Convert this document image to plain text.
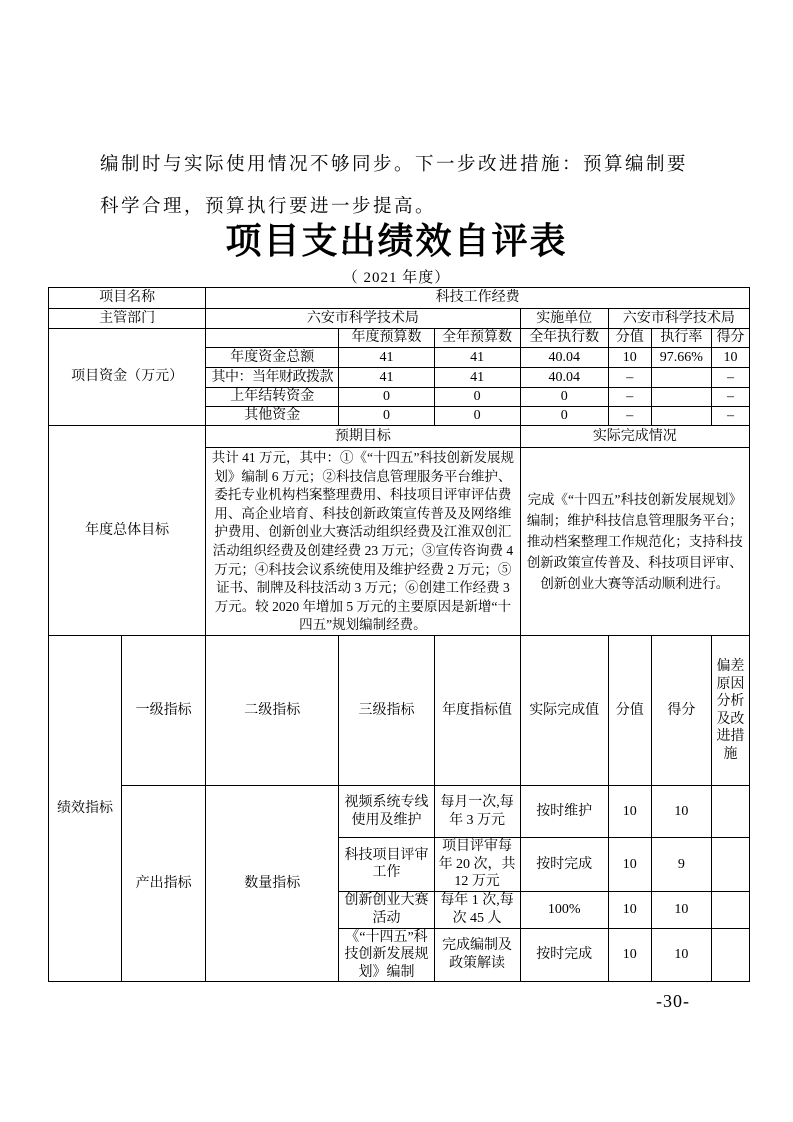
编制时与实际使用情况不够同步。下一步改进措施：预算编制要
科学合理，预算执行要进一步提高。
项目支出绩效自评表
（ 2021 年度）
项目名称		科技工作经费						
主管部门		六安市科学技术局			实施单位	六安市科学技术局		
项目资金（万元）			年度预算数	全年预算数	全年执行数	分值	执行率	得分
		年度资金总额	41	41	40.04	10	97.66%	10
		其中：当年财政拨款	41	41	40.04	–		–
		上年结转资金	0	0	0	–		–
		其他资金	0	0	0	–		–
年度总体目标		预期目标			实际完成情况			

		共计 41 万元，其中：①《“十四五”科技创新发展规划》编制 6 万元；②科技信息管理服务平台维护、委托专业机构档案整理费用、科技项目评审评估费用、高企业培育、科技创新政策宣传普及及网络维护费用、创新创业大赛活动组织经费及江淮双创汇活动组织经费及创建经费 23 万元；③宣传咨询费 4 万元；④科技会议系统使用及维护经费 2 万元；⑤证书、制牌及科技活动 3 万元；⑥创建工作经费 3 万元。较 2020 年增加 5 万元的主要原因是新增“十四五”规划编制经费。			完成《“十四五”科技创新发展规划》编制；维护科技信息管理服务平台；推动档案整理工作规范化；支持科技创新政策宣传普及、科技项目评审、创新创业大赛等活动顺利进行。			

绩效指标	一级指标	二级指标	三级指标	年度指标值	实际完成值	分值	得分	偏差原因分析及改进措施
	产出指标	数量指标	视频系统专线使用及维护	每月一次,每年 3 万元	按时维护	10	10	
			科技项目评审工作	项目评审每年 20 次，共 12 万元	按时完成	10	9	
			创新创业大赛活动	每年 1 次,每次 45 人	100%	10	10	
			《“十四五”科技创新发展规划》编制	完成编制及政策解读	按时完成	10	10	
-30-
